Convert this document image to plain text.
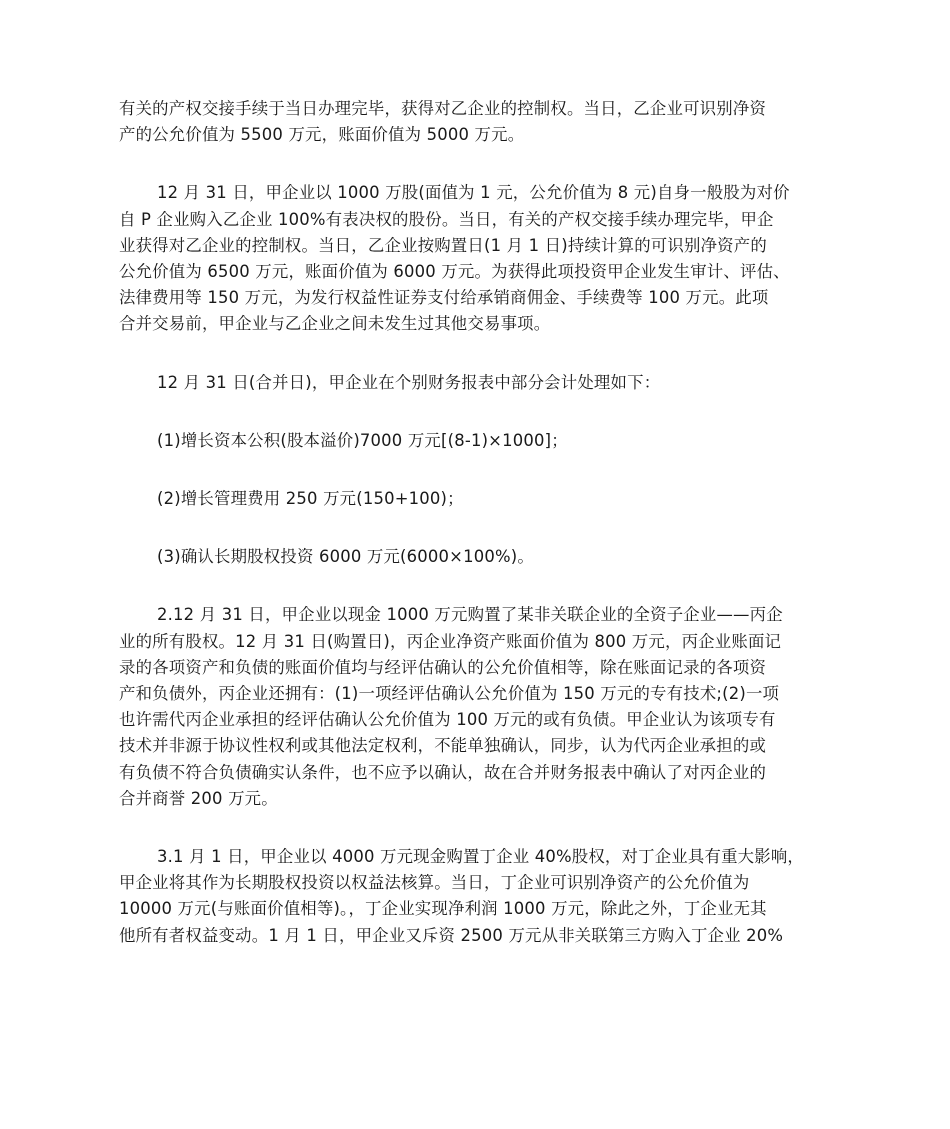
有关的产权交接手续于当日办理完毕，获得对乙企业的控制权。当日，乙企业可识别净资
产的公允价值为 5500 万元，账面价值为 5000 万元。
12 月 31 日，甲企业以 1000 万股(面值为 1 元，公允价值为 8 元)自身一般股为对价
自 P 企业购入乙企业 100%有表决权的股份。当日，有关的产权交接手续办理完毕，甲企
业获得对乙企业的控制权。当日，乙企业按购置日(1 月 1 日)持续计算的可识别净资产的
公允价值为 6500 万元，账面价值为 6000 万元。为获得此项投资甲企业发生审计、评估、
法律费用等 150 万元，为发行权益性证券支付给承销商佣金、手续费等 100 万元。此项
合并交易前，甲企业与乙企业之间未发生过其他交易事项。
12 月 31 日(合并日)，甲企业在个别财务报表中部分会计处理如下：
(1)增长资本公积(股本溢价)7000 万元[(8-1)×1000]；
(2)增长管理费用 250 万元(150+100)；
(3)确认长期股权投资 6000 万元(6000×100%)。
2.12 月 31 日，甲企业以现金 1000 万元购置了某非关联企业的全资子企业——丙企
业的所有股权。12 月 31 日(购置日)，丙企业净资产账面价值为 800 万元，丙企业账面记
录的各项资产和负债的账面价值均与经评估确认的公允价值相等，除在账面记录的各项资
产和负债外，丙企业还拥有：(1)一项经评估确认公允价值为 150 万元的专有技术;(2)一项
也许需代丙企业承担的经评估确认公允价值为 100 万元的或有负债。甲企业认为该项专有
技术并非源于协议性权利或其他法定权利，不能单独确认，同步，认为代丙企业承担的或
有负债不符合负债确实认条件，也不应予以确认，故在合并财务报表中确认了对丙企业的
合并商誉 200 万元。
3.1 月 1 日，甲企业以 4000 万元现金购置丁企业 40%股权，对丁企业具有重大影响，
甲企业将其作为长期股权投资以权益法核算。当日，丁企业可识别净资产的公允价值为
10000 万元(与账面价值相等)。，丁企业实现净利润 1000 万元，除此之外，丁企业无其
他所有者权益变动。1 月 1 日，甲企业又斥资 2500 万元从非关联第三方购入丁企业 20%
